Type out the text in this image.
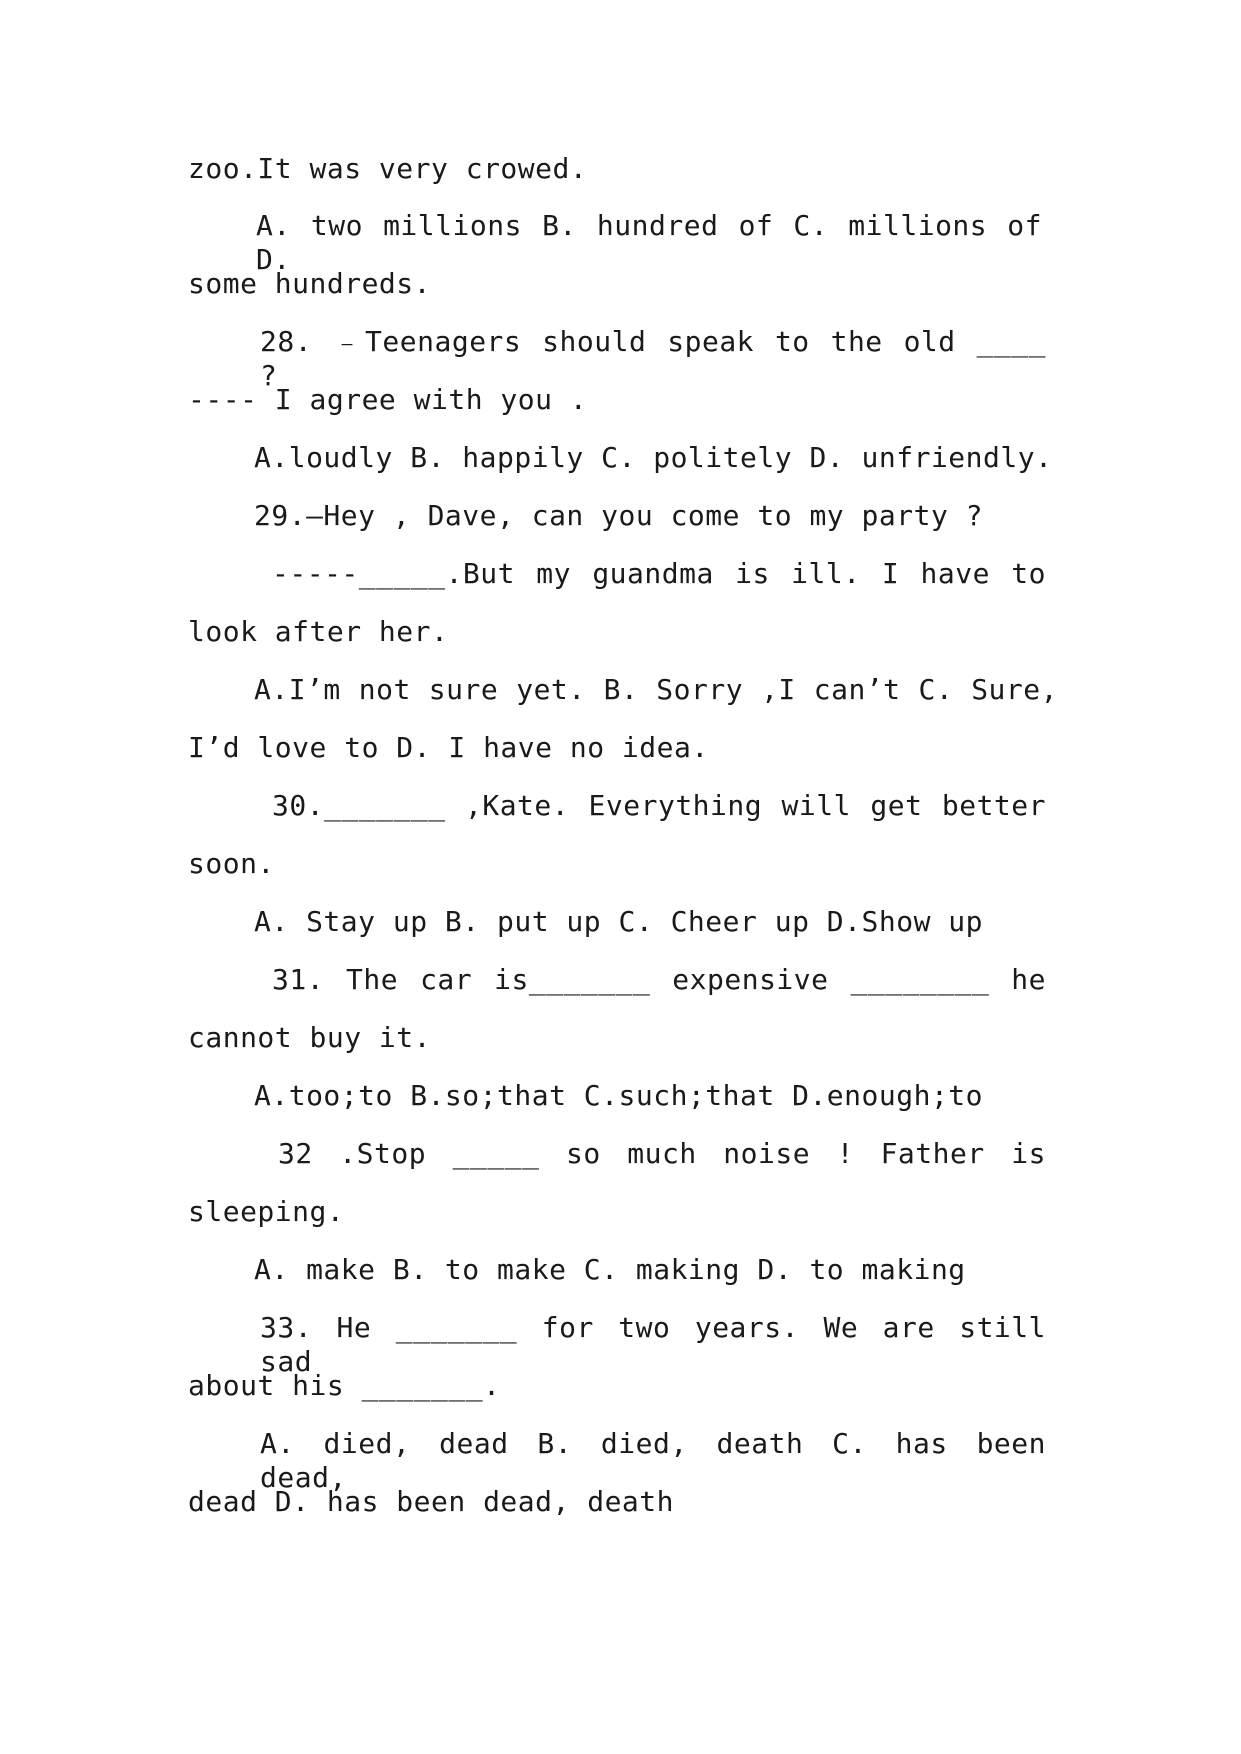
zoo.It was very crowed.
A. two millions B. hundred of C. millions of D.
some hundreds.
28. ﹣Teenagers should speak to the old ____ ?
---- I agree with you .
A.loudly B. happily C. politely D. unfriendly.
29.—Hey , Dave, can you come to my party ?
-----_____.But my guandma is ill. I have to
look after her.
A.I’m not sure yet. B. Sorry ,I can’t C. Sure,
I’d love to D. I have no idea.
30._______ ,Kate. Everything will get better
soon.
A. Stay up B. put up C. Cheer up D.Show up
31. The car is_______ expensive ________ he
cannot buy it.
A.too;to B.so;that C.such;that D.enough;to
32 .Stop _____ so much noise ! Father is
sleeping.
A. make B. to make C. making D. to making
33. He _______ for two years. We are still sad
about his _______.
A. died, dead B. died, death C. has been dead,
dead D. has been dead, death
